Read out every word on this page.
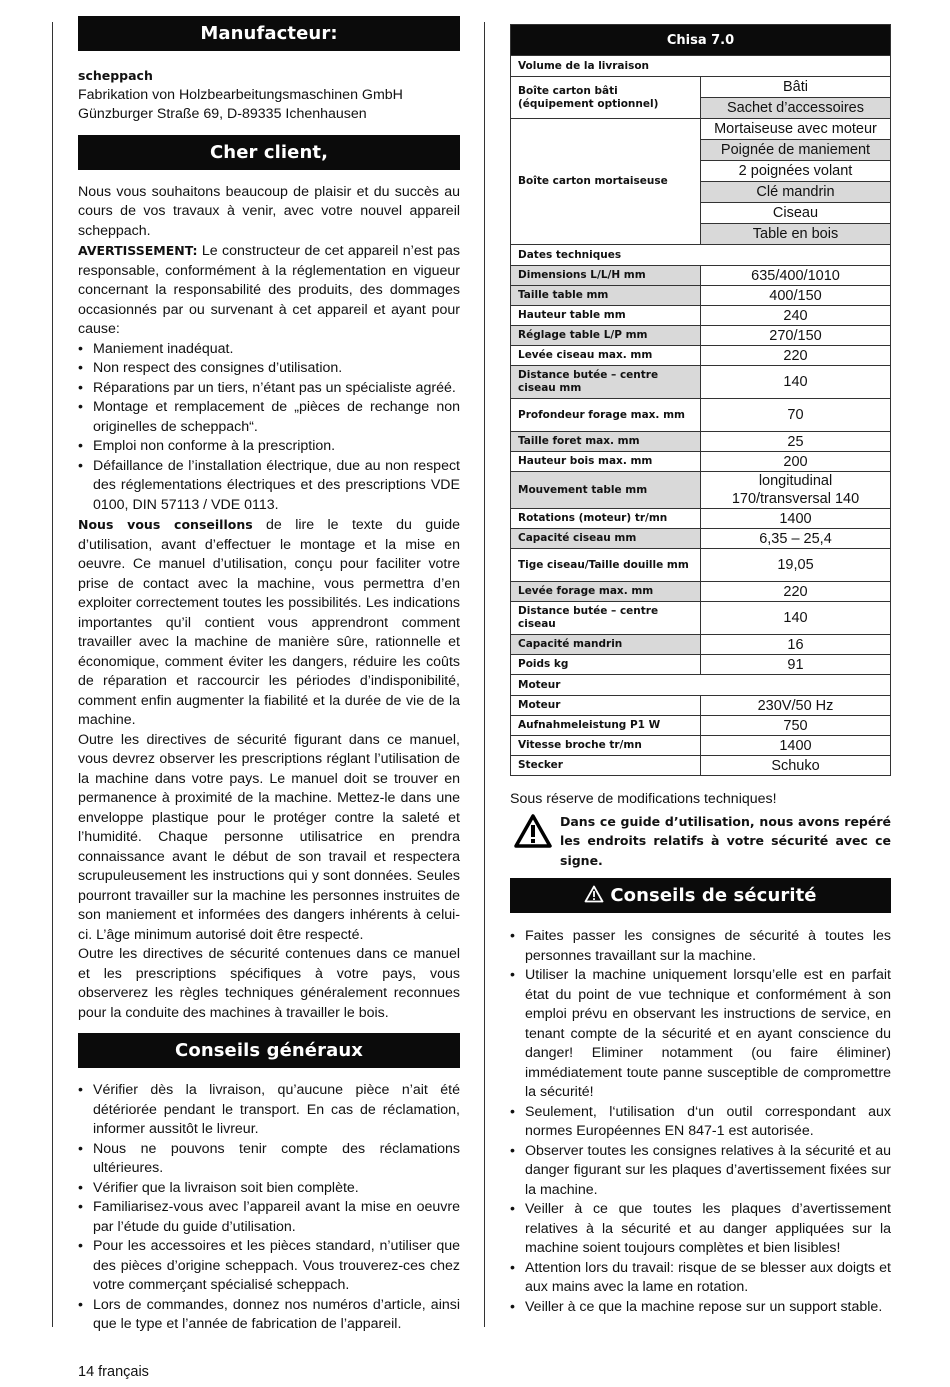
Manufacteur:

scheppach

Fabrikation von Holzbearbeitungsmaschinen GmbH

Günzburger Straße 69, D-89335 Ichenhausen

Cher client,

Nous vous souhaitons beaucoup de plaisir et du succès au cours de vos travaux à venir, avec votre nouvel appareil scheppach.

AVERTISSEMENT: Le constructeur de cet appareil n’est pas responsable, conformément à la réglementation en vigueur concernant la responsabilité des produits, des dommages occasionnés par ou survenant à cet appareil et ayant pour cause:

• Maniement inadéquat.
• Non respect des consignes d’utilisation.
• Réparations par un tiers, n’étant pas un spécialiste agréé.
• Montage et remplacement de „pièces de rechange non originelles de scheppach“.
• Emploi non conforme à la prescription.
• Défaillance de l’installation électrique, due au non respect des réglementations électriques et des prescriptions VDE 0100, DIN 57113 / VDE 0113.

Nous vous conseillons de lire le texte du guide d’utilisation, avant d’effectuer le montage et la mise en oeuvre. Ce manuel d’utilisation, conçu pour faciliter votre prise de contact avec la machine, vous permettra d’en exploiter correctement toutes les possibilités. Les indications importantes qu’il contient vous apprendront comment travailler avec la machine de manière sûre, rationnelle et économique, comment éviter les dangers, réduire les coûts de réparation et raccourcir les périodes d’indisponibilité, comment enfin augmenter la fiabilité et la durée de vie de la machine.

Outre les directives de sécurité figurant dans ce manuel, vous devrez observer les prescriptions réglant l’utilisation de la machine dans votre pays. Le manuel doit se trouver en permanence à proximité de la machine. Mettez-le dans une enveloppe plastique pour le protéger contre la saleté et l’humidité. Chaque personne utilisatrice en prendra connaissance avant le début de son travail et respectera scrupuleusement les instructions qui y sont données. Seules pourront travailler sur la machine les personnes instruites de son maniement et informées des dangers inhérents à celui-ci. L’âge minimum autorisé doit être respecté.

Outre les directives de sécurité contenues dans ce manuel et les prescriptions spécifiques à votre pays, vous observerez les règles techniques généralement reconnues pour la conduite des machines à travailler le bois.

Conseils généraux
• Vérifier dès la livraison, qu’aucune pièce n’ait été détériorée pendant le transport. En cas de réclamation, informer aussitôt le livreur.
• Nous ne pouvons tenir compte des réclamations ultérieures.
• Vérifier que la livraison soit bien complète.
• Familiarisez-vous avec l’appareil avant la mise en oeuvre par l’étude du guide d’utilisation.
• Pour les accessoires et les pièces standard, n’utiliser que des pièces d’origine scheppach. Vous trouverez-ces chez votre commerçant spécialisé scheppach.
• Lors de commandes, donnez nos numéros d’article, ainsi que le type et l’année de fabrication de l’appareil.
Chisa 7.0	
Volume de la livraison	
Boîte carton bâti (équipement optionnel)	Bâti
	Sachet d’accessoires
Boîte carton mortaiseuse	Mortaiseuse avec moteur
	Poignée de maniement
	2 poignées volant
	Clé mandrin
	Ciseau
	Table en bois
Dates techniques	
Dimensions L/L/H mm	635/400/1010
Taille table mm	400/150
Hauteur table mm	240
Réglage table L/P mm	270/150
Levée ciseau max. mm	220
Distance butée – centre ciseau mm	140
Profondeur forage max. mm	70
Taille foret max. mm	25
Hauteur bois max. mm	200
Mouvement table mm	longitudinal 170/transversal 140
Rotations (moteur) tr/mn	1400
Capacité ciseau mm	6,35 – 25,4
Tige ciseau/Taille douille mm	19,05
Levée forage max. mm	220
Distance butée – centre ciseau	140
Capacité mandrin	16
Poids kg	91
Moteur	
Moteur	230V/50 Hz
Aufnahmeleistung P1 W	750
Vitesse broche tr/mn	1400
Stecker	Schuko

Sous réserve de modifications techniques!

Dans ce guide d’utilisation, nous avons repéré les endroits relatifs à votre sécurité avec ce signe.

Conseils de sécurité
• Faites passer les consignes de sécurité à toutes les personnes travaillant sur la machine.
• Utiliser la machine uniquement lorsqu’elle est en parfait état du point de vue technique et conformément à son emploi prévu en observant les instructions de service, en tenant compte de la sécurité et en ayant conscience du danger! Eliminer notamment (ou faire éliminer) immédiatement toute panne susceptible de compromettre la sécurité!
• Seulement, l‘utilisation d‘un outil correspondant aux normes Européennes EN 847-1 est autorisée.
• Observer toutes les consignes relatives à la sécurité et au danger figurant sur les plaques d’avertissement fixées sur la machine.
• Veiller à ce que toutes les plaques d’avertissement relatives à la sécurité et au danger appliquées sur la machine soient toujours complètes et bien lisibles!
• Attention lors du travail: risque de se blesser aux doigts et aux mains avec la lame en rotation.
• Veiller à ce que la machine repose sur un support stable.
14 français
